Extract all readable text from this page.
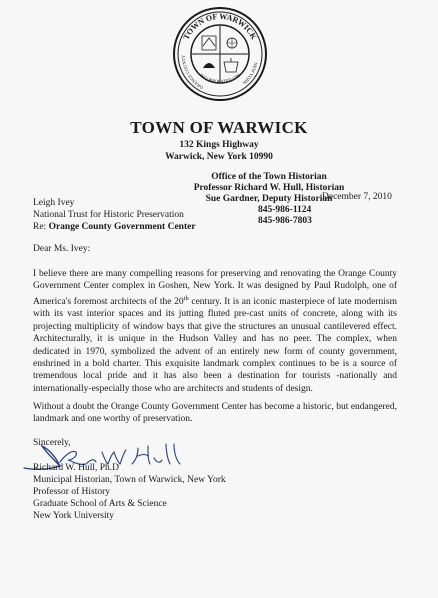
TOWN OF WARWICK
ORANGE COUNTY
NEW YORK
INCORPORATED 1788
TOWN OF WARWICK
132 Kings Highway
Warwick, New York 10990
Office of the Town Historian
Professor Richard W. Hull, Historian
Sue Gardner, Deputy Historian
845-986-1124
845-986-7803
December 7, 2010
Leigh Ivey
National Trust for Historic Preservation
Re: Orange County Government Center
Dear Ms. Ivey:
I believe there are many compelling reasons for preserving and renovating the Orange County Government Center complex in Goshen, New York. It was designed by Paul Rudolph, one of America's foremost architects of the 20th century. It is an iconic masterpiece of late modernism with its vast interior spaces and its jutting fluted pre-cast units of concrete, along with its projecting multiplicity of window bays that give the structures an unusual cantilevered effect. Architecturally, it is unique in the Hudson Valley and has no peer. The complex, when dedicated in 1970, symbolized the advent of an entirely new form of county government, enshrined in a bold charter. This exquisite landmark complex continues to be is a source of tremendous local pride and it has also been a destination for tourists -nationally and internationally-especially those who are architects and students of design.
Without a doubt the Orange County Government Center has become a historic, but endangered, landmark and one worthy of preservation.
Sincerely,
Richard W. Hull, Ph.D
Municipal Historian, Town of Warwick, New York
Professor of History
Graduate School of Arts & Science
New York University
